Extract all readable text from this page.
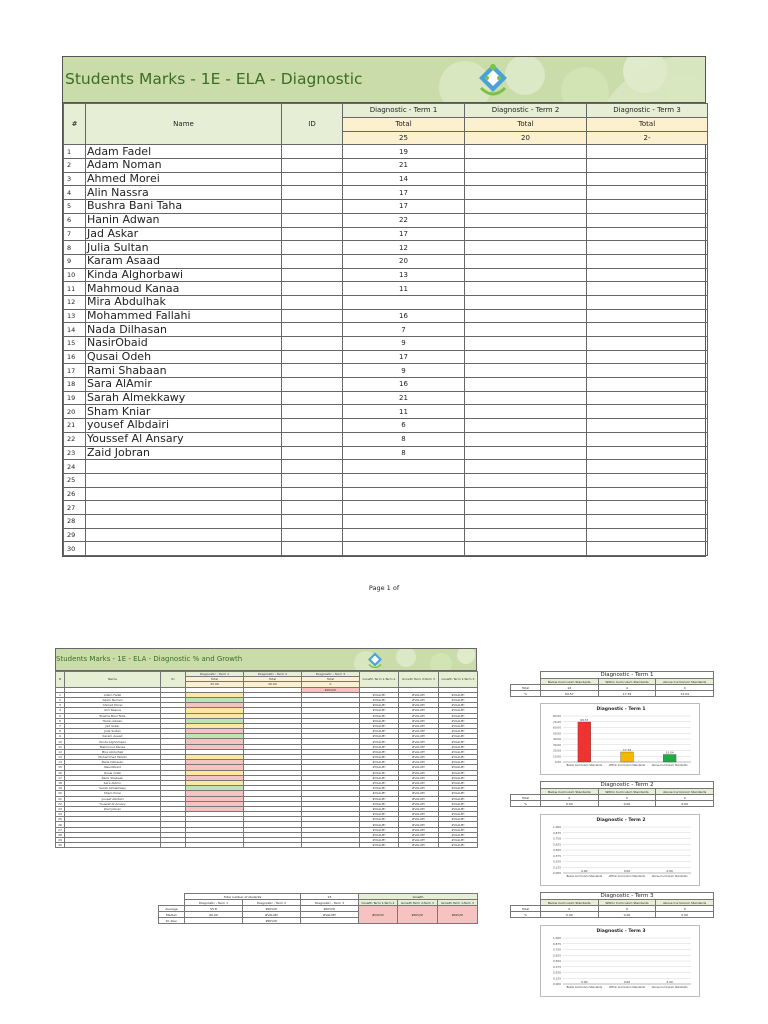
Students Marks - 1E - ELA - Diagnostic
#	Name	ID	Diagnostic - Term 1	Diagnostic - Term 2	Diagnostic - Term 3
			Total	Total	Total
			25	20	2-
1	Adam Fadel		19		
2	Adam Noman		21		
3	Ahmed Morei		14		
4	Alin Nassra		17		
5	Bushra Bani Taha		17		
6	Hanin Adwan		22		
7	Jad Askar		17		
8	Julia Sultan		12		
9	Karam Asaad		20		
10	Kinda Alghorbawi		13		
11	Mahmoud Kanaa		11		
12	Mira Abdulhak				
13	Mohammed Fallahi		16		
14	Nada Dilhasan		7		
15	NasirObaid		9		
16	Qusai Odeh		17		
17	Rami Shabaan		9		
18	Sara AlAmir		16		
19	Sarah Almekkawy		21		
20	Sham Kniar		11		
21	yousef Albdairi		6		
22	Youssef Al Ansary		8		
23	Zaid Jobran		8		
24					
25					
26					
27					
28					
29					
30					
Page 1 of
Students Marks - 1E - ELA - Diagnostic % and Growth
#	Name	ID	Diagnostic - Term 1	Diagnostic - Term 2	Diagnostic - Term 3	Growth Term 1-Term 2	Growth Term 2-Term 3	Growth Term 1-Term 3
			Total	Total	Total			
			25.00	20.00	0			
					#DIV/0!			
1	Adam Fadel					#VALUE!	#VALUE!	#VALUE!
2	Adam Noman					#VALUE!	#VALUE!	#VALUE!
3	Ahmed Morei					#VALUE!	#VALUE!	#VALUE!
4	Alin Nassra					#VALUE!	#VALUE!	#VALUE!
5	Bushra Bani Taha					#VALUE!	#VALUE!	#VALUE!
6	Hanin Adwan					#VALUE!	#VALUE!	#VALUE!
7	Jad Askar					#VALUE!	#VALUE!	#VALUE!
8	Julia Sultan					#VALUE!	#VALUE!	#VALUE!
9	Karam Asaad					#VALUE!	#VALUE!	#VALUE!
10	Kinda Alghorbawi					#VALUE!	#VALUE!	#VALUE!
11	Mahmoud Kanaa					#VALUE!	#VALUE!	#VALUE!
12	Mira Abdulhak					#VALUE!	#VALUE!	#VALUE!
13	Mohammed Fallahi					#VALUE!	#VALUE!	#VALUE!
14	Nada Dilhasan					#VALUE!	#VALUE!	#VALUE!
15	NasirObaid					#VALUE!	#VALUE!	#VALUE!
16	Qusai Odeh					#VALUE!	#VALUE!	#VALUE!
17	Rami Shabaan					#VALUE!	#VALUE!	#VALUE!
18	Sara AlAmir					#VALUE!	#VALUE!	#VALUE!
19	Sarah Almekkawy					#VALUE!	#VALUE!	#VALUE!
20	Sham Kniar					#VALUE!	#VALUE!	#VALUE!
21	yousef Albdairi					#VALUE!	#VALUE!	#VALUE!
22	Youssef Al Ansary					#VALUE!	#VALUE!	#VALUE!
23	Zaid Jobran					#VALUE!	#VALUE!	#VALUE!
24						#VALUE!	#VALUE!	#VALUE!
25						#VALUE!	#VALUE!	#VALUE!
26						#VALUE!	#VALUE!	#VALUE!
27						#VALUE!	#VALUE!	#VALUE!
28						#VALUE!	#VALUE!	#VALUE!
29						#VALUE!	#VALUE!	#VALUE!
30						#VALUE!	#VALUE!	#VALUE!
	Total number of students		23	Growth		
	Diagnostic - Term 1	Diagnostic - Term 2	Diagnostic - Term 3	Growth Term 1-Term 2	Growth Term 2-Term 3	Growth Term 1-Term 3
Average	55.8	#DIV/0!	#DIV/0!	#DIV/0!	#DIV/0!	#DIV/0!
Median	60.00	#VALUE!	#VALUE!			
St. Dev.		#DIV/0!				
	Diagnostic - Term 1		
	Below Curriculum Standards	Within Curriculum Standards	Above Curriculum Standards
Total	16	4	4
%	69.57	17.39	13.04
Diagnostic - Term 1
0.00
10.00
20.00
30.00
40.00
50.00
60.00
70.00
80.00
69.57
Below Curriculum Standards
17.39
Within Curriculum Standards
13.04
Above Curriculum Standards
	Diagnostic - Term 2		
	Below Curriculum Standards	Within Curriculum Standards	Above Curriculum Standards
Total	0	0	0
%	0.00	0.00	0.00
Diagnostic - Term 2
0.000
0.125
0.250
0.375
0.500
0.625
0.750
0.875
1.000
0.00
Below Curriculum Standards
0.00
Within Curriculum Standards
0.00
Above Curriculum Standards
	Diagnostic - Term 3		
	Below Curriculum Standards	Within Curriculum Standards	Above Curriculum Standards
Total	0	0	0
%	0.00	0.00	0.00
Diagnostic - Term 3
0.000
0.125
0.250
0.375
0.500
0.625
0.750
0.875
1.000
0.00
Below Curriculum Standards
0.00
Within Curriculum Standards
0.00
Above Curriculum Standards
